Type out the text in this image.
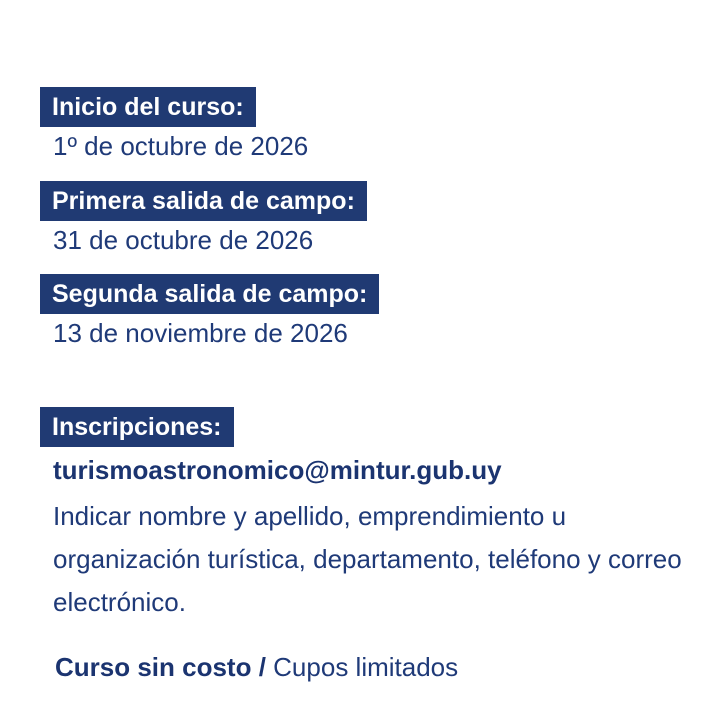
Inicio del curso:
1º de octubre de 2026
Primera salida de campo:
31 de octubre de 2026
Segunda salida de campo:
13 de noviembre de 2026
Inscripciones:
turismoastronomico@mintur.gub.uy
Indicar nombre y apellido, emprendimiento u organización turística, departamento, teléfono y correo electrónico.
Curso sin costo / Cupos limitados
